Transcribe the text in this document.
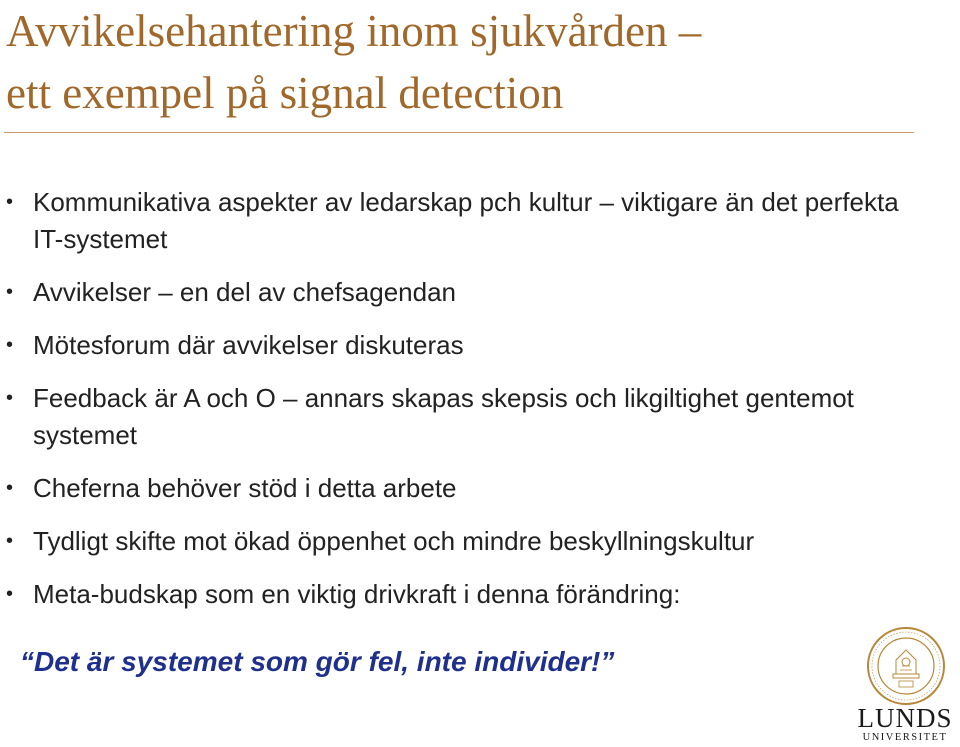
Avvikelsehantering inom sjukvården –
ett exempel på signal detection
• Kommunikativa aspekter av ledarskap pch kultur – viktigare än det perfekta IT-systemet
• Avvikelser – en del av chefsagendan
• Mötesforum där avvikelser diskuteras
• Feedback är A och O – annars skapas skepsis och likgiltighet gentemot systemet
• Cheferna behöver stöd i detta arbete
• Tydligt skifte mot ökad öppenhet och mindre beskyllningskultur
• Meta-budskap som en viktig drivkraft i denna förändring:
“Det är systemet som gör fel, inte individer!”
LUNDS
UNIVERSITET
